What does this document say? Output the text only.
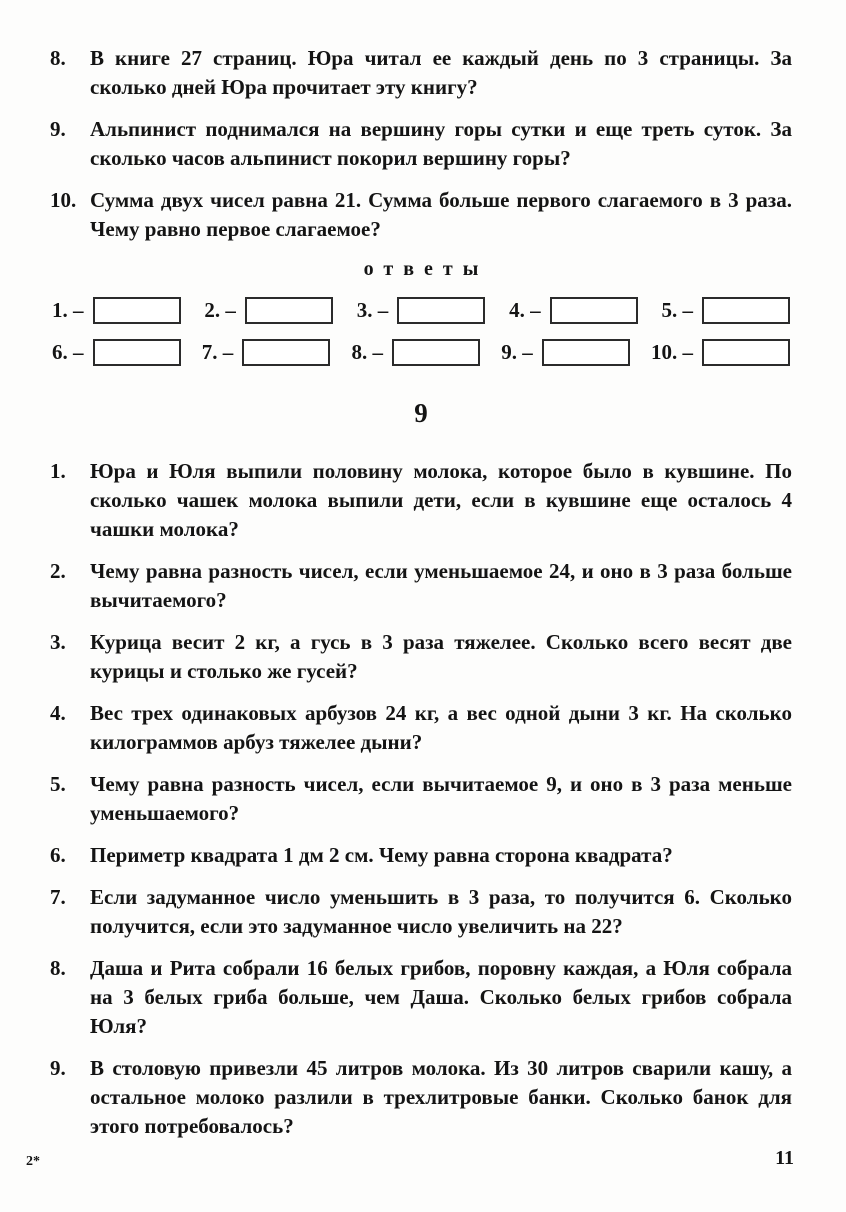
8.	В книге 27 страниц. Юра читал ее каждый день по 3 страницы. За сколько дней Юра прочитает эту книгу?
9.	Альпинист поднимался на вершину горы сутки и еще треть суток. За сколько часов альпинист покорил вершину горы?
10. Сумма двух чисел равна 21. Сумма больше первого слагаемого в 3 раза. Чему равно первое слагаемое?
ответы
1. –	2. –	3. –	4. –	5. –
6. –	7. –	8. –	9. –	10. –
9
1.	Юра и Юля выпили половину молока, которое было в кувшине. По сколько чашек молока выпили дети, если в кувшине еще осталось 4 чашки молока?
2.	Чему равна разность чисел, если уменьшаемое 24, и оно в 3 раза больше вычитаемого?
3.	Курица весит 2 кг, а гусь в 3 раза тяжелее. Сколько всего весят две курицы и столько же гусей?
4.	Вес трех одинаковых арбузов 24 кг, а вес одной дыни 3 кг. На сколько килограммов арбуз тяжелее дыни?
5.	Чему равна разность чисел, если вычитаемое 9, и оно в 3 раза меньше уменьшаемого?
6.	Периметр квадрата 1 дм 2 см. Чему равна сторона квадрата?
7.	Если задуманное число уменьшить в 3 раза, то получится 6. Сколько получится, если это задуманное число увеличить на 22?
8.	Даша и Рита собрали 16 белых грибов, поровну каждая, а Юля собрала на 3 белых гриба больше, чем Даша. Сколько белых грибов собрала Юля?
9.	В столовую привезли 45 литров молока. Из 30 литров сварили кашу, а остальное молоко разлили в трехлитровые банки. Сколько банок для этого потребовалось?
2*	11
